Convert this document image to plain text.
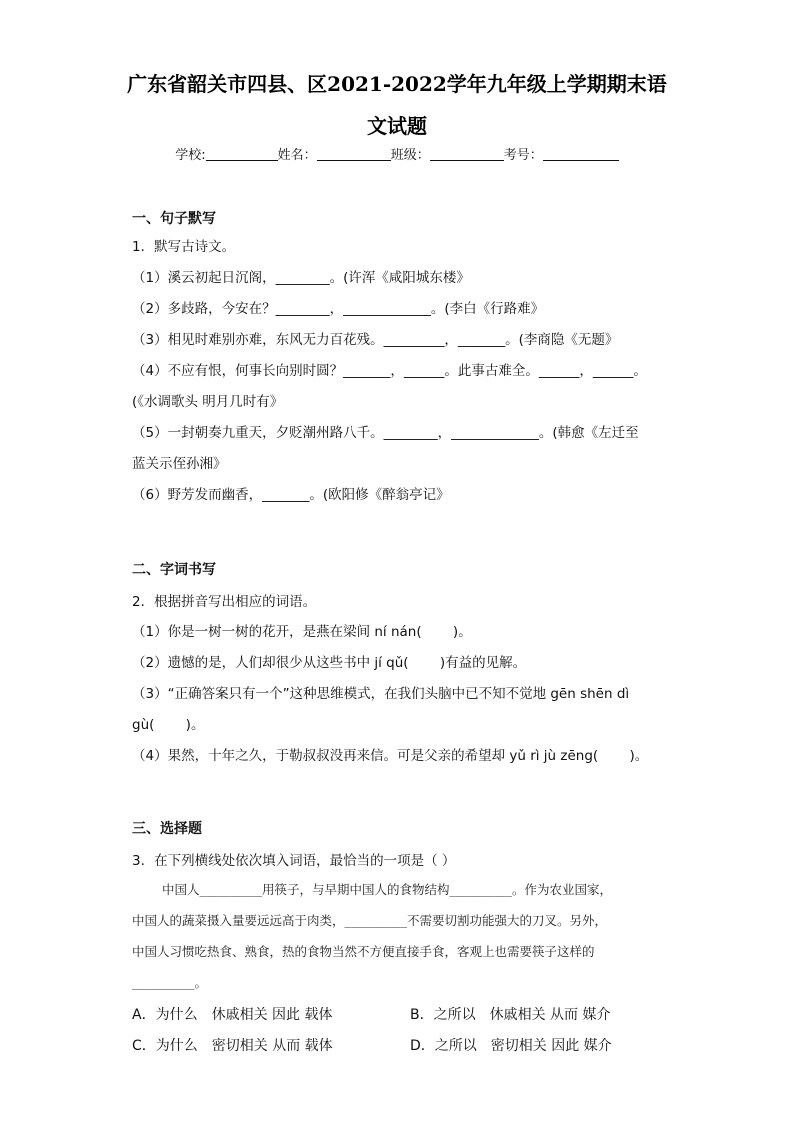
广东省韶关市四县、区2021-2022学年九年级上学期期末语
文试题
学校:	姓名：	班级：	考号：
一、句子默写
1．默写古诗文。
（1）溪云初起日沉阁，________。(许浑《咸阳城东楼》
（2）多歧路，今安在？________，_____________。(李白《行路难》
（3）相见时难别亦难，东风无力百花残。_________，_______。(李商隐《无题》
（4）不应有恨，何事长向别时圆？_______，______。此事古难全。______，______。
(《水调歌头 明月几时有》
（5）一封朝奏九重天，夕贬潮州路八千。________，_____________。(韩愈《左迁至
蓝关示侄孙湘》
（6）野芳发而幽香，_______。(欧阳修《醉翁亭记》
二、字词书写
2．根据拼音写出相应的词语。
（1）你是一树一树的花开，是燕在梁间 ní nán(　　 )。
（2）遗憾的是，人们却很少从这些书中 jí qǔ(　　 )有益的见解。
（3）“正确答案只有一个”这种思维模式，在我们头脑中已不知不觉地 gēn shēn dì
gù(　　 )。
（4）果然，十年之久，于勒叔叔没再来信。可是父亲的希望却 yǔ rì jù zēng(　　 )。
三、选择题
3．在下列横线处依次填入词语，最恰当的一项是（ ）
中国人__________用筷子，与早期中国人的食物结构__________。作为农业国家，
中国人的蔬菜摄入量要远远高于肉类，__________不需要切割功能强大的刀叉。另外，
中国人习惯吃热食、熟食，热的食物当然不方便直接手食，客观上也需要筷子这样的
__________。
A．为什么　休戚相关 因此 载体	B．之所以　休戚相关 从而 媒介
C．为什么　密切相关 从而 载体	D．之所以　密切相关 因此 媒介
